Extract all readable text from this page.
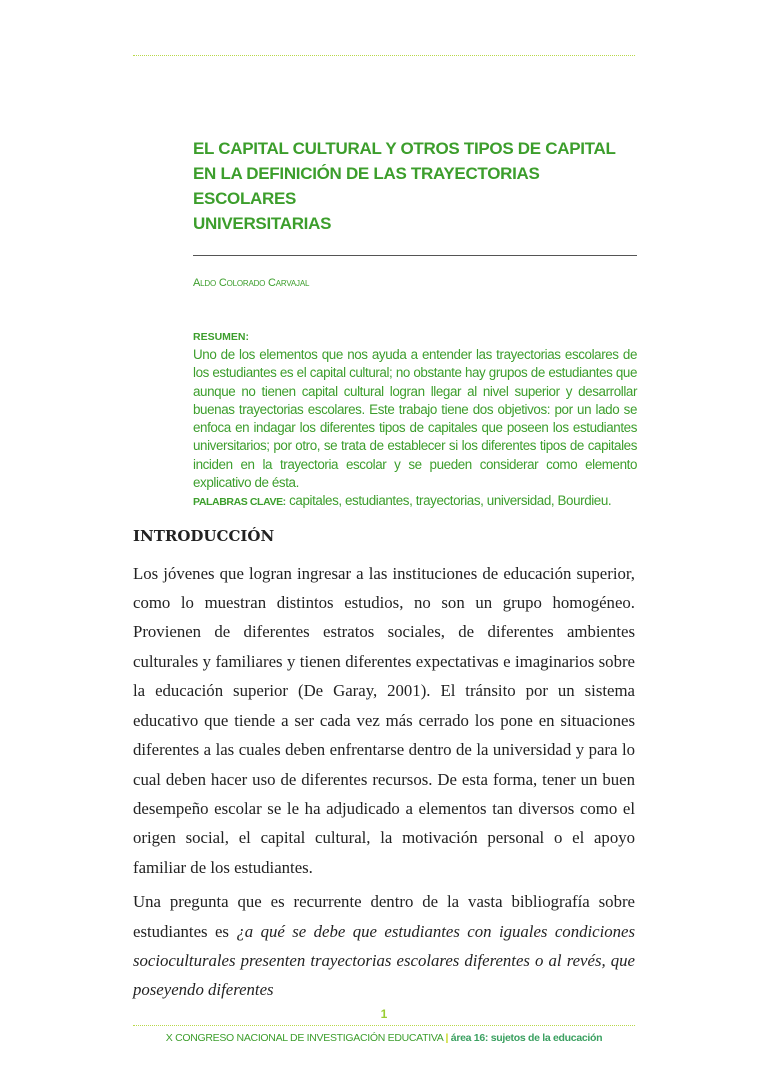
EL CAPITAL CULTURAL Y OTROS TIPOS DE CAPITAL
EN LA DEFINICIÓN DE LAS TRAYECTORIAS ESCOLARES
UNIVERSITARIAS
Aldo Colorado Carvajal
RESUMEN:
Uno de los elementos que nos ayuda a entender las trayectorias escolares de los estudiantes es el capital cultural; no obstante hay grupos de estudiantes que aunque no tienen capital cultural logran llegar al nivel superior y desarrollar buenas trayectorias escolares. Este trabajo tiene dos objetivos: por un lado se enfoca en indagar los diferentes tipos de capitales que poseen los estudiantes universitarios; por otro, se trata de establecer si los diferentes tipos de capitales inciden en la trayectoria escolar y se pueden considerar como elemento explicativo de ésta.
PALABRAS CLAVE: capitales, estudiantes, trayectorias, universidad, Bourdieu.
INTRODUCCIÓN

Los jóvenes que logran ingresar a las instituciones de educación superior, como lo muestran distintos estudios, no son un grupo homogéneo. Provienen de diferentes estratos sociales, de diferentes ambientes culturales y familiares y tienen diferentes expectativas e imaginarios sobre la educación superior (De Garay, 2001). El tránsito por un sistema educativo que tiende a ser cada vez más cerrado los pone en situaciones diferentes a las cuales deben enfrentarse dentro de la universidad y para lo cual deben hacer uso de diferentes recursos. De esta forma, tener un buen desempeño escolar se le ha adjudicado a elementos tan diversos como el origen social, el capital cultural, la motivación personal o el apoyo familiar de los estudiantes.

Una pregunta que es recurrente dentro de la vasta bibliografía sobre estudiantes es ¿a qué se debe que estudiantes con iguales condiciones socioculturales presenten trayectorias escolares diferentes o al revés, que poseyendo diferentes

1
X CONGRESO NACIONAL DE INVESTIGACIÓN EDUCATIVA | área 16: sujetos de la educación
